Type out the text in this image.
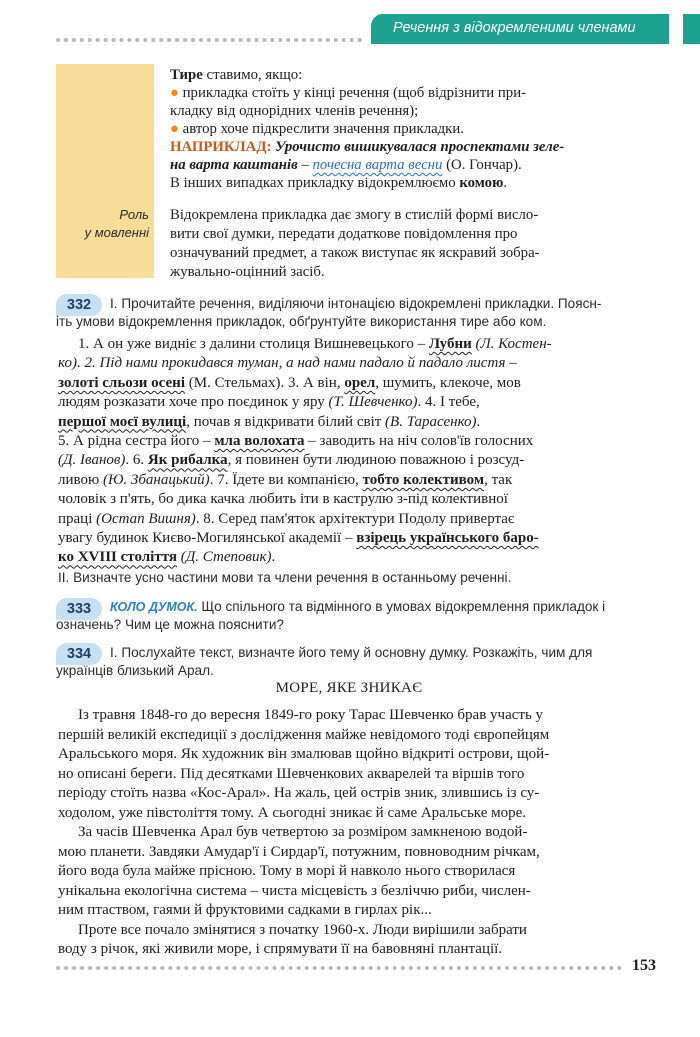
Речення з відокремленими членами
Роль
у мовленні
Тире ставимо, якщо:
● прикладка стоїть у кінці речення (щоб відрізнити при-
кладку від однорідних членів речення);
● автор хоче підкреслити значення прикладки.
НАПРИКЛАД: Урочисто вишикувалася проспектами зеле-
на варта каштанів – почесна варта весни (О. Гончар).
В інших випадках прикладку відокремлюємо комою.
Відокремлена прикладка дає змогу в стислій формі висло-
вити свої думки, передати додаткове повідомлення про
означуваний предмет, а також виступає як яскравий зобра-
жувально-оцінний засіб.
332	І. Прочитайте речення, виділяючи інтонацією відокремлені прикладки. Поясн-
іть умови відокремлення прикладок, обґрунтуйте використання тире або ком.
1. А он уже видніє з далини столиця Вишневецького – Лубни (Л. Костен-
ко). 2. Під нами прокидався туман, а над нами падало й падало листя –
золоті сльози осені (М. Стельмах). 3. А він, орел, шумить, клекоче, мов
людям розказати хоче про поєдинок у яру (Т. Шевченко). 4. І тебе,
першої моєї вулиці, почав я відкривати білий світ (В. Тарасенко).
5. А рідна сестра його – мла волохата – заводить на ніч солов'їв голосних
(Д. Іванов). 6. Як рибалка, я повинен бути людиною поважною і розсуд-
ливою (Ю. Збанацький). 7. Їдете ви компанією, тобто колективом, так
чоловік з п'ять, бо дика качка любить іти в каструлю з-під колективної
праці (Остап Вишня). 8. Серед пам'яток архітектури Подолу привертає
увагу будинок Києво-Могилянської академії – взірець українського баро-
ко XVIII століття (Д. Степовик).
ІІ. Визначте усно частини мови та члени речення в останньому реченні.
333	КОЛО ДУМОК. Що спільного та відмінного в умовах відокремлення прикладок і
означень? Чим це можна пояснити?
334	І. Послухайте текст, визначте його тему й основну думку. Розкажіть, чим для
українців близький Арал.
МОРЕ, ЯКЕ ЗНИКАЄ
Із травня 1848-го до вересня 1849-го року Тарас Шевченко брав участь у
першій великій експедиції з дослідження майже невідомого тоді європейцям
Аральського моря. Як художник він змалював щойно відкриті острови, щой-
но описані береги. Під десятками Шевченкових акварелей та віршів того
періоду стоїть назва «Кос-Арал». На жаль, цей острів зник, злившись із су-
ходолом, уже півстоліття тому. А сьогодні зникає й саме Аральське море.
За часів Шевченка Арал був четвертою за розміром замкненою водой-
мою планети. Завдяки Амудар'ї і Сирдар'ї, потужним, повноводним річкам,
його вода була майже прісною. Тому в морі й навколо нього створилася
унікальна екологічна система – чиста місцевість з безліччю риби, числен-
ним птаством, гаями й фруктовими садками в гирлах рік...
Проте все почало змінятися з початку 1960-х. Люди вирішили забрати
воду з річок, які живили море, і спрямувати її на бавовняні плантації.
153
